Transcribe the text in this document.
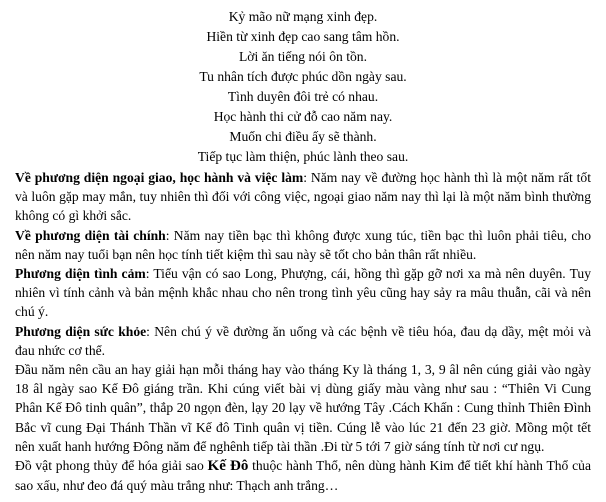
Kỷ mão nữ mạng xinh đẹp.
Hiền từ xinh đẹp cao sang tâm hồn.
Lời ăn tiếng nói ôn tồn.
Tu nhân tích được phúc dồn ngày sau.
Tình duyên đôi trẻ có nhau.
Học hành thi cử đỗ cao năm nay.
Muốn chi điều ấy sẽ thành.
Tiếp tục làm thiện, phúc lành theo sau.

Về phương diện ngoại giao, học hành và việc làm: Năm nay về đường học hành thì là một năm rất tốt và luôn gặp may mắn, tuy nhiên thì đối với công việc, ngoại giao năm nay thì lại là một năm bình thường không có gì khởi sắc.

Về phương diện tài chính: Năm nay tiền bạc thì không được xung túc, tiền bạc thì luôn phải tiêu, cho nên năm nay tuổi bạn nên học tính tiết kiệm thì sau này sẽ tốt cho bản thân rất nhiều.

Phương diện tình cảm: Tiểu vận có sao Long, Phượng, cái, hồng thì gặp gỡ nơi xa mà nên duyên. Tuy nhiên vì tính cảnh và bản mệnh khắc nhau cho nên trong tình yêu cũng hay sảy ra mâu thuẫn, cãi và nên chú ý.

Phương diện sức khỏe: Nên chú ý về đường ăn uống và các bệnh về tiêu hóa, đau dạ dầy, mệt mỏi và đau nhức cơ thể.

Đầu năm nên cầu an hay giải hạn mỗi tháng hay vào tháng Ky là tháng 1, 3, 9 âl nên cúng giải vào ngày 18 âl ngày sao Kế Đô giáng trần. Khi cúng viết bài vị dùng giấy màu vàng như sau : “Thiên Vi Cung Phân Kế Đô tinh quân”, thắp 20 ngọn đèn, lạy 20 lạy về hướng Tây .Cách Khấn : Cung thỉnh Thiên Đình Bắc vĩ cung Đại Thánh Thần vĩ Kế đô Tinh quân vị tiền. Cúng lễ vào lúc 21 đến 23 giờ. Mồng một tết nên xuất hanh hướng Đông năm để nghênh tiếp tài thần .Đi từ 5 tới 7 giờ sáng tính từ nơi cư ngụ.

Đồ vật phong thủy để hóa giải sao Kế Đô thuộc hành Thổ, nên dùng hành Kim để tiết khí hành Thổ của sao xấu, như đeo đá quý màu trắng như: Thạch anh trắng…
